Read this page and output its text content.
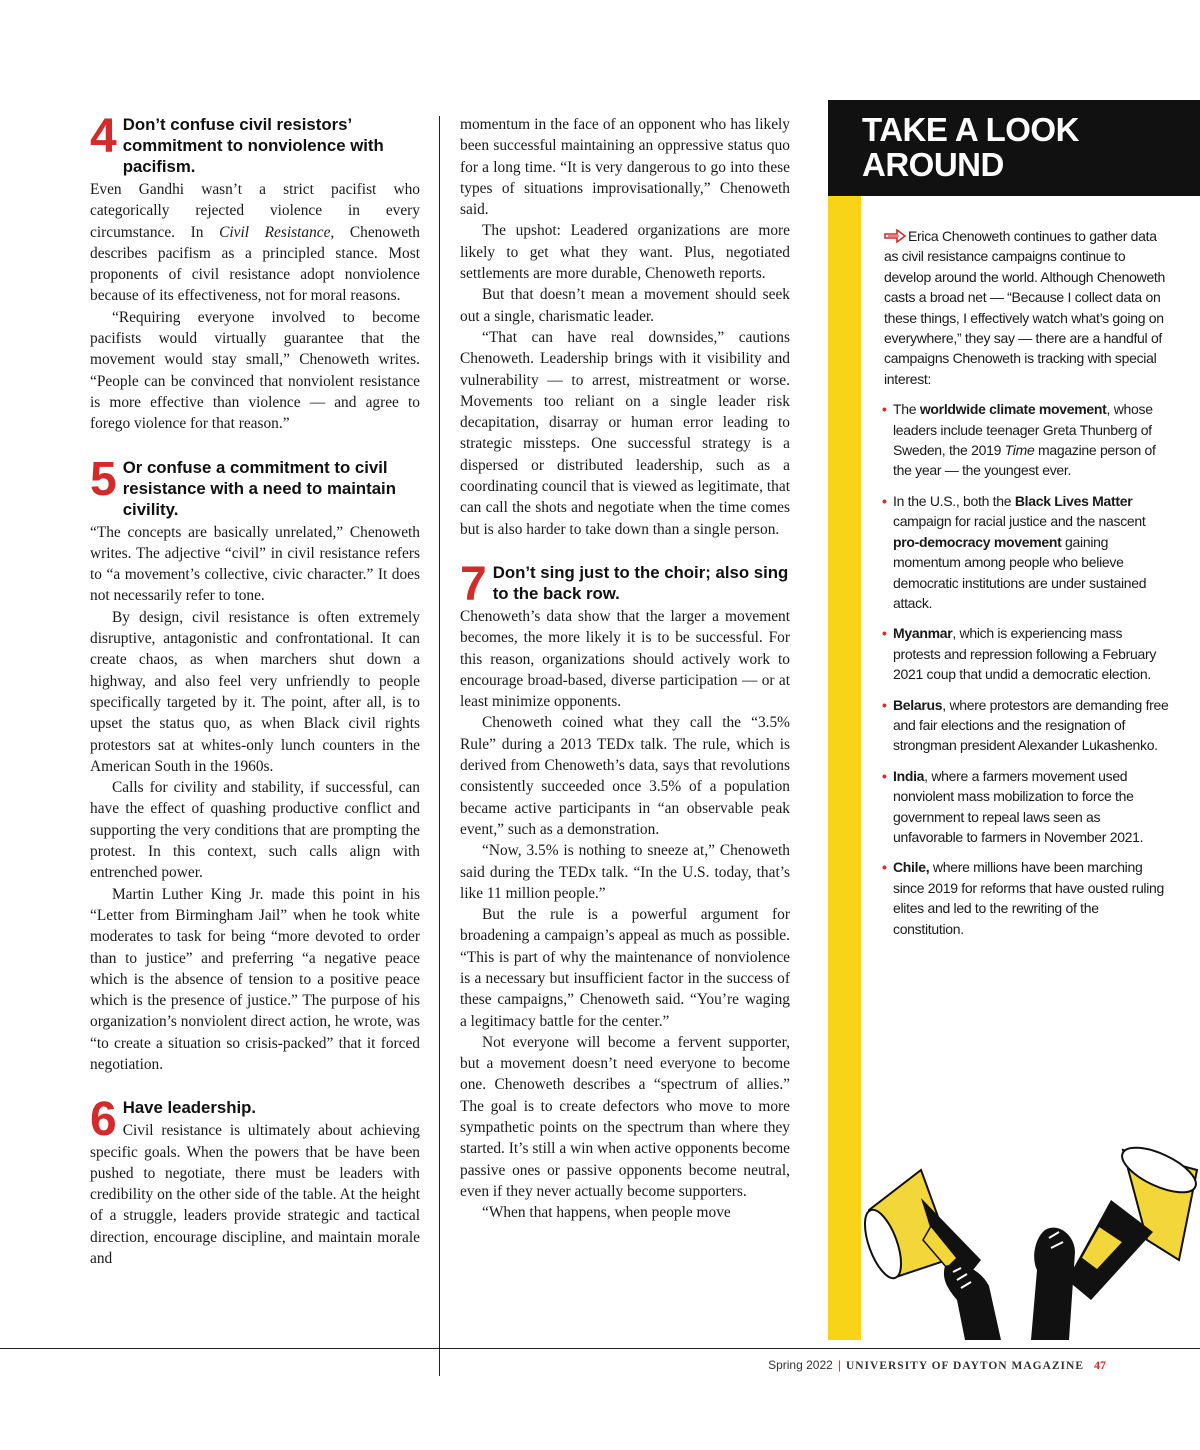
4 Don’t confuse civil resistors’ commitment to nonviolence with pacifism.

Even Gandhi wasn’t a strict pacifist who categorically rejected violence in every circumstance. In Civil Resistance, Chenoweth describes pacifism as a principled stance. Most proponents of civil resistance adopt nonviolence because of its effectiveness, not for moral reasons.

“Requiring everyone involved to become pacifists would virtually guarantee that the movement would stay small,” Chenoweth writes. “People can be convinced that nonviolent resistance is more effective than violence — and agree to forego violence for that reason.”

5 Or confuse a commitment to civil resistance with a need to maintain civility.

“The concepts are basically unrelated,” Chenoweth writes. The adjective “civil” in civil resistance refers to “a movement’s collective, civic character.” It does not necessarily refer to tone.

By design, civil resistance is often extremely disruptive, antagonistic and confrontational. It can create chaos, as when marchers shut down a highway, and also feel very unfriendly to people specifically targeted by it. The point, after all, is to upset the status quo, as when Black civil rights protestors sat at whites-only lunch counters in the American South in the 1960s.

Calls for civility and stability, if successful, can have the effect of quashing productive conflict and supporting the very conditions that are prompting the protest. In this context, such calls align with entrenched power.

Martin Luther King Jr. made this point in his “Letter from Birmingham Jail” when he took white moderates to task for being “more devoted to order than to justice” and preferring “a negative peace which is the absence of tension to a positive peace which is the presence of justice.” The purpose of his organization’s nonviolent direct action, he wrote, was “to create a situation so crisis-packed” that it forced negotiation.

6 Have leadership.

Civil resistance is ultimately about achieving specific goals. When the powers that be have been pushed to negotiate, there must be leaders with credibility on the other side of the table. At the height of a struggle, leaders provide strategic and tactical direction, encourage discipline, and maintain morale and

momentum in the face of an opponent who has likely been successful maintaining an oppressive status quo for a long time. “It is very dangerous to go into these types of situations improvisationally,” Chenoweth said.

The upshot: Leadered organizations are more likely to get what they want. Plus, negotiated settlements are more durable, Chenoweth reports.

But that doesn’t mean a movement should seek out a single, charismatic leader.

“That can have real downsides,” cautions Chenoweth. Leadership brings with it visibility and vulnerability — to arrest, mistreatment or worse. Movements too reliant on a single leader risk decapitation, disarray or human error leading to strategic missteps. One successful strategy is a dispersed or distributed leadership, such as a coordinating council that is viewed as legitimate, that can call the shots and negotiate when the time comes but is also harder to take down than a single person.

7 Don’t sing just to the choir; also sing to the back row.

Chenoweth’s data show that the larger a movement becomes, the more likely it is to be successful. For this reason, organizations should actively work to encourage broad-based, diverse participation — or at least minimize opponents.

Chenoweth coined what they call the “3.5% Rule” during a 2013 TEDx talk. The rule, which is derived from Chenoweth’s data, says that revolutions consistently succeeded once 3.5% of a population became active participants in “an observable peak event,” such as a demonstration.

“Now, 3.5% is nothing to sneeze at,” Chenoweth said during the TEDx talk. “In the U.S. today, that’s like 11 million people.”

But the rule is a powerful argument for broadening a campaign’s appeal as much as possible. “This is part of why the maintenance of nonviolence is a necessary but insufficient factor in the success of these campaigns,” Chenoweth said. “You’re waging a legitimacy battle for the center.”

Not everyone will become a fervent supporter, but a movement doesn’t need everyone to become one. Chenoweth describes a “spectrum of allies.” The goal is to create defectors who move to more sympathetic points on the spectrum than where they started. It’s still a win when active opponents become passive ones or passive opponents become neutral, even if they never actually become supporters.

“When that happens, when people move

TAKE A LOOK AROUND

Erica Chenoweth continues to gather data as civil resistance campaigns continue to develop around the world. Although Chenoweth casts a broad net — “Because I collect data on these things, I effectively watch what’s going on everywhere,” they say — there are a handful of campaigns Chenoweth is tracking with special interest:

• The worldwide climate movement, whose leaders include teenager Greta Thunberg of Sweden, the 2019 Time magazine person of the year — the youngest ever.
• In the U.S., both the Black Lives Matter campaign for racial justice and the nascent pro-democracy movement gaining momentum among people who believe democratic institutions are under sustained attack.
• Myanmar, which is experiencing mass protests and repression following a February 2021 coup that undid a democratic election.
• Belarus, where protestors are demanding free and fair elections and the resignation of strongman president Alexander Lukashenko.
• India, where a farmers movement used nonviolent mass mobilization to force the government to repeal laws seen as unfavorable to farmers in November 2021.
• Chile, where millions have been marching since 2019 for reforms that have ousted ruling elites and led to the rewriting of the constitution.
Spring 2022 | UNIVERSITY OF DAYTON MAGAZINE 47
